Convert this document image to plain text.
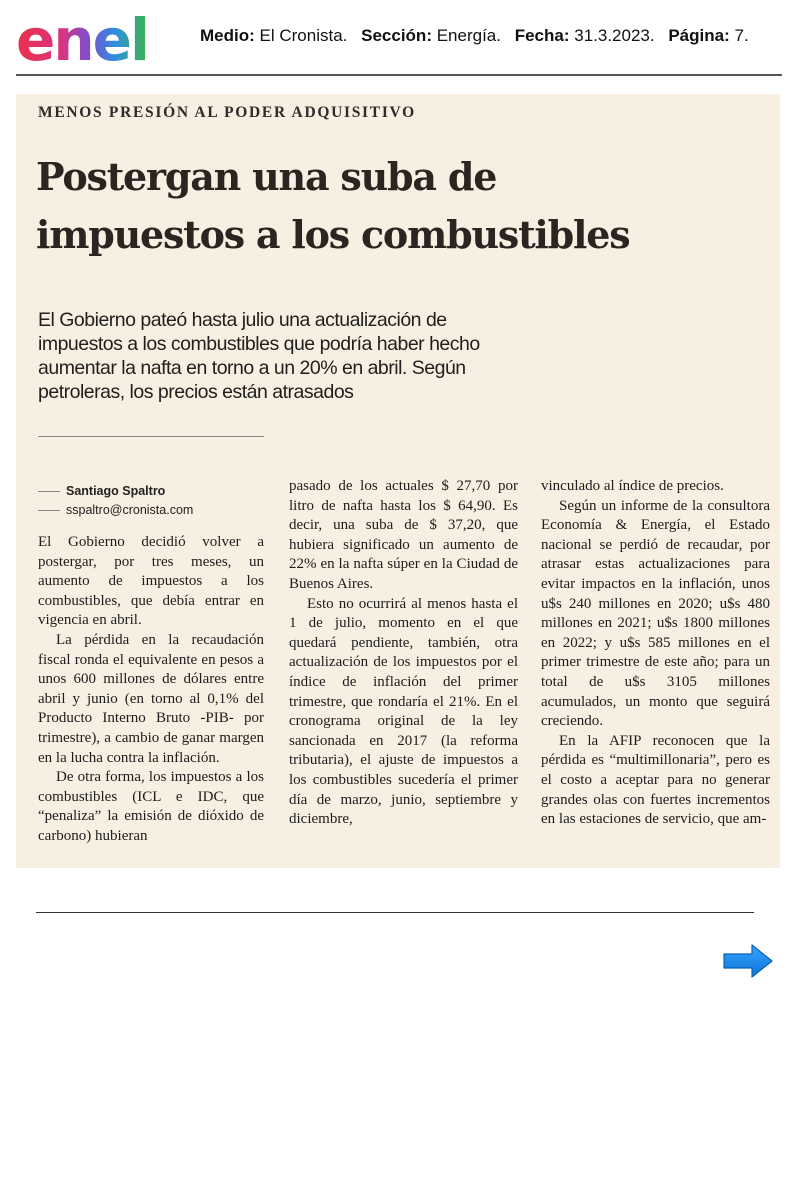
enel	Medio: El Cronista. Sección: Energía. Fecha: 31.3.2023. Página: 7.
MENOS PRESIÓN AL PODER ADQUISITIVO
Postergan una suba de
impuestos a los combustibles

El Gobierno pateó hasta julio una actualización de impuestos a los combustibles que podría haber hecho aumentar la nafta en torno a un 20% en abril. Según petroleras, los precios están atrasados

Santiago Spaltro
sspaltro@cronista.com

El Gobierno decidió volver a postergar, por tres meses, un aumento de impuestos a los combustibles, que debía entrar en vigencia en abril.

La pérdida en la recaudación fiscal ronda el equivalente en pesos a unos 600 millones de dólares entre abril y junio (en torno al 0,1% del Producto Interno Bruto -PIB- por trimestre), a cambio de ganar margen en la lucha contra la inflación.

De otra forma, los impuestos a los combustibles (ICL e IDC, que “penaliza” la emisión de dióxido de carbono) hubieran

pasado de los actuales $ 27,70 por litro de nafta hasta los $ 64,90. Es decir, una suba de $ 37,20, que hubiera significado un aumento de 22% en la nafta súper en la Ciudad de Buenos Aires.

Esto no ocurrirá al menos hasta el 1 de julio, momento en el que quedará pendiente, también, otra actualización de los impuestos por el índice de inflación del primer trimestre, que rondaría el 21%. En el cronograma original de la ley sancionada en 2017 (la reforma tributaria), el ajuste de impuestos a los combustibles sucedería el primer día de marzo, junio, septiembre y diciembre,

vinculado al índice de precios.

Según un informe de la consultora Economía & Energía, el Estado nacional se perdió de recaudar, por atrasar estas actualizaciones para evitar impactos en la inflación, unos u$s 240 millones en 2020; u$s 480 millones en 2021; u$s 1800 millones en 2022; y u$s 585 millones en el primer trimestre de este año; para un total de u$s 3105 millones acumulados, un monto que seguirá creciendo.

En la AFIP reconocen que la pérdida es “multimillonaria”, pero es el costo a aceptar para no generar grandes olas con fuertes incrementos en las estaciones de servicio, que am-
